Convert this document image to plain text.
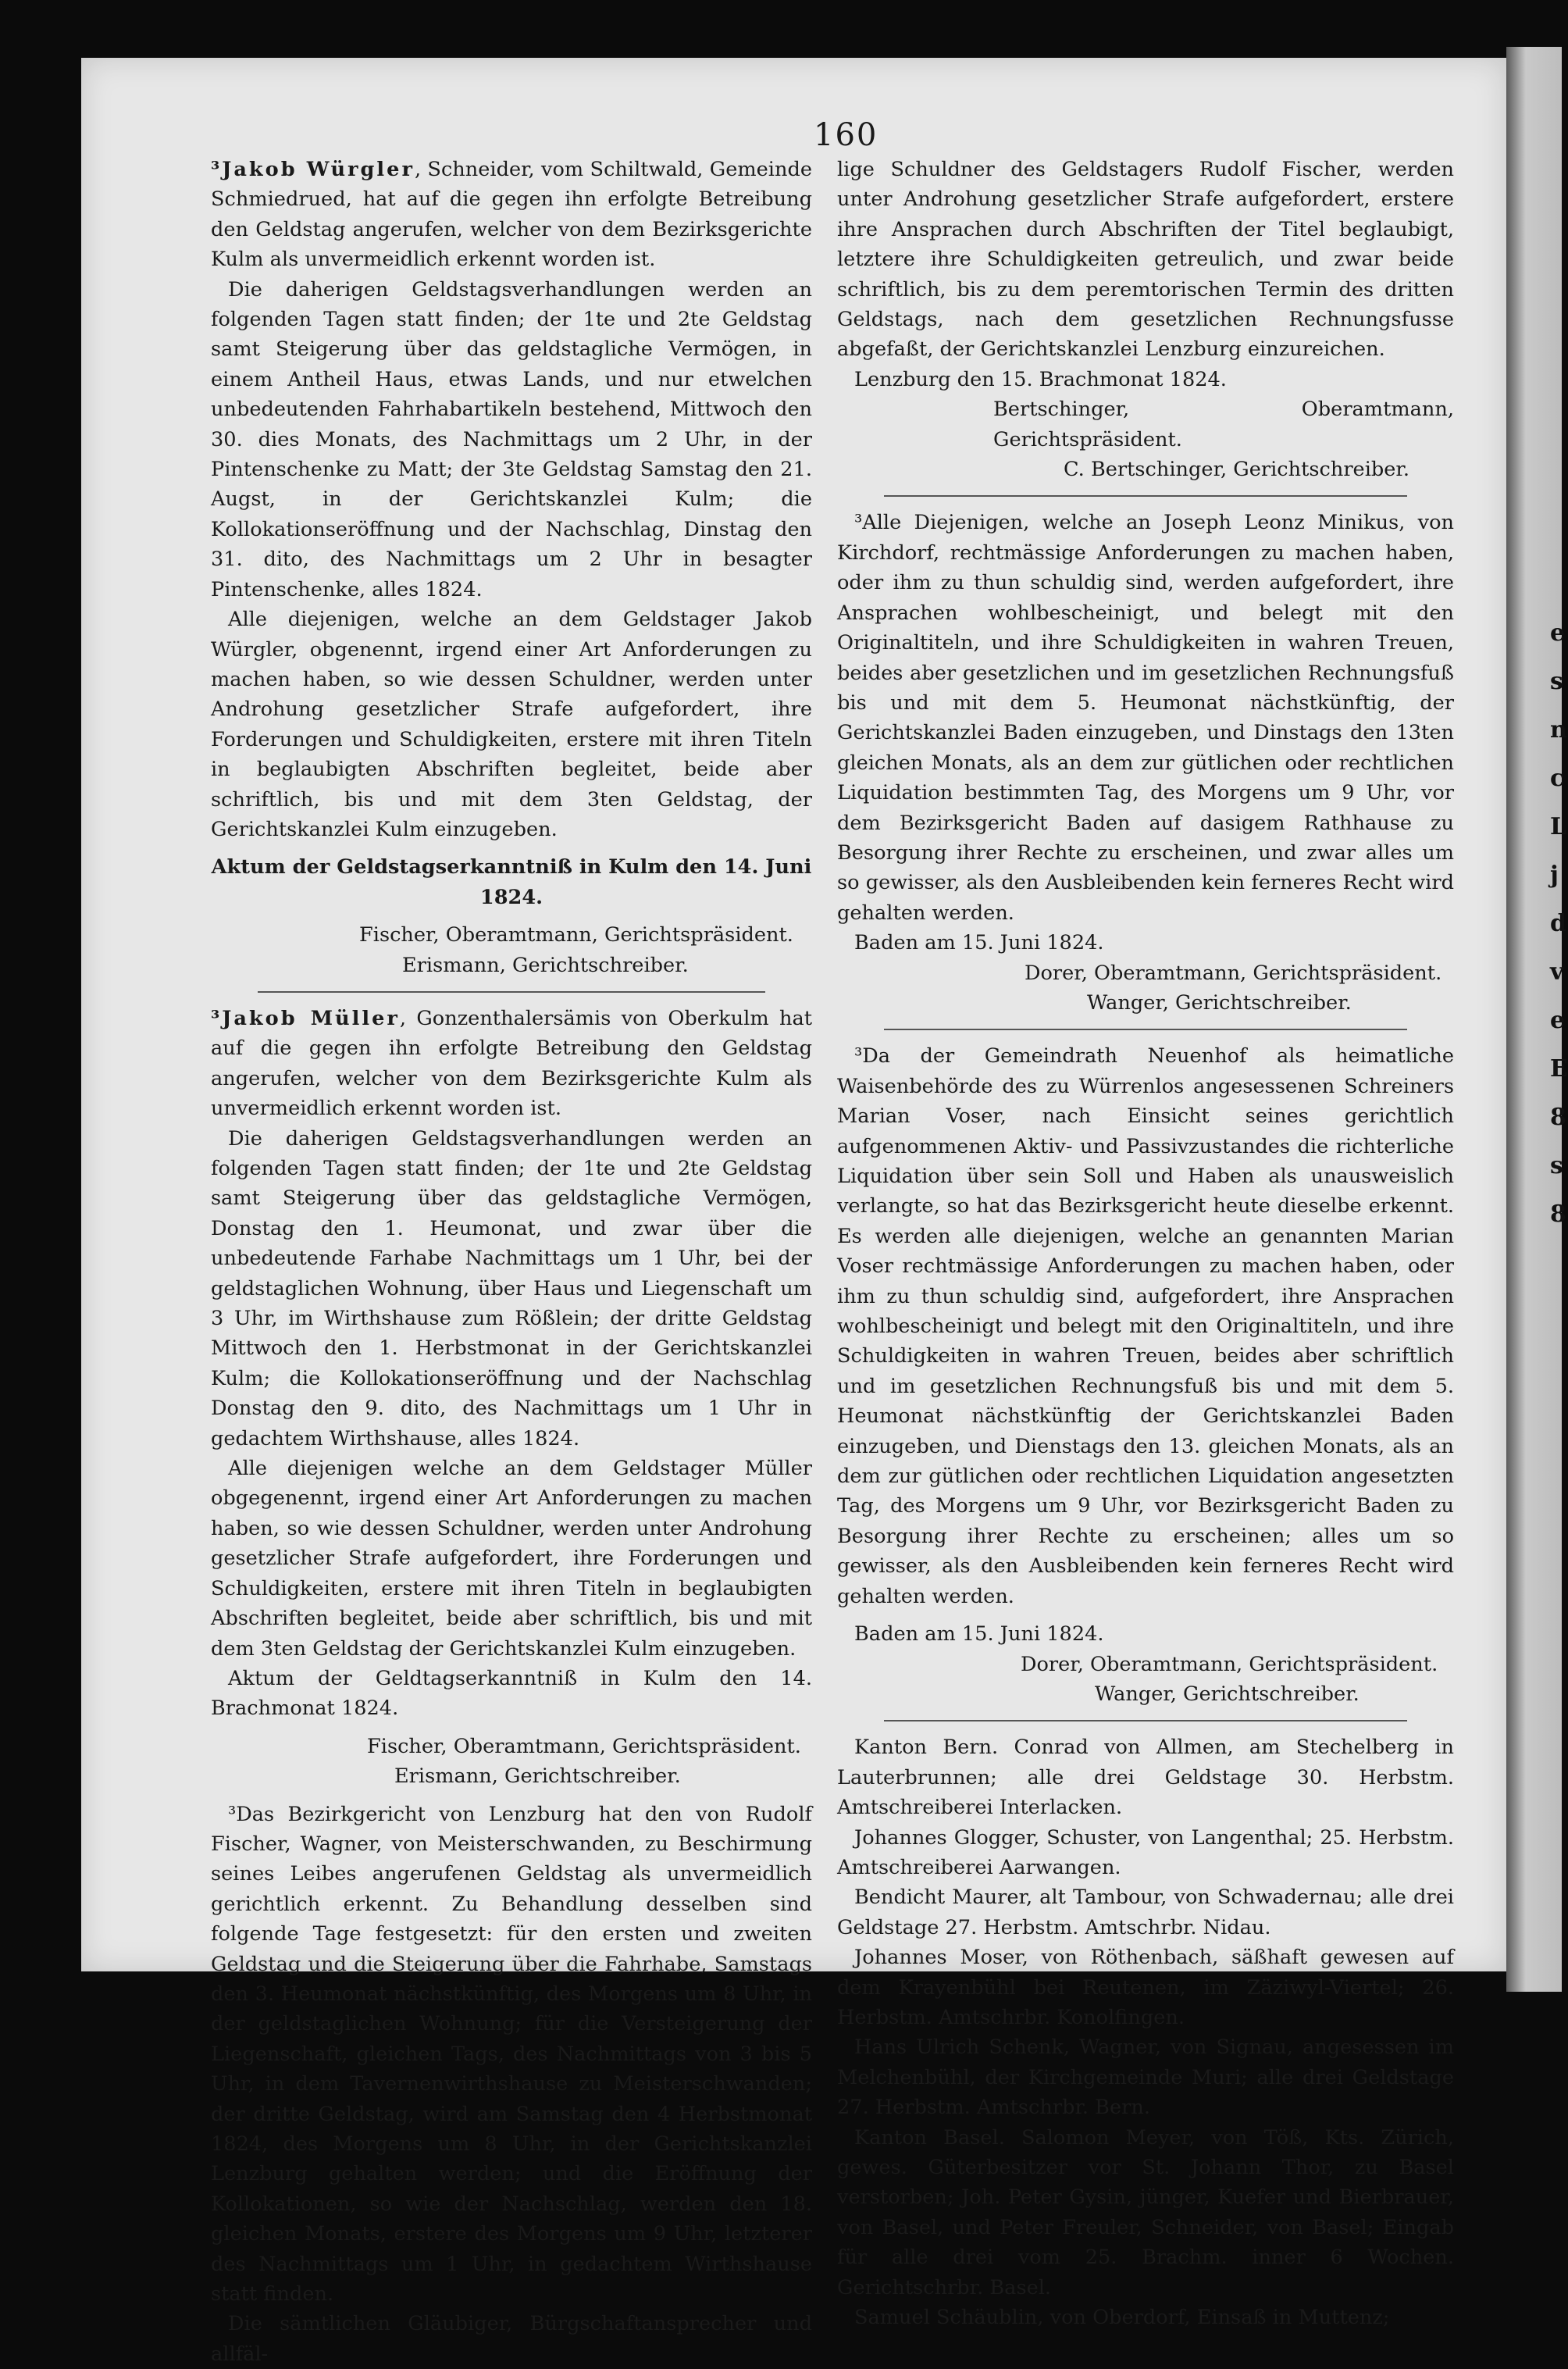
e
s
n
c
L
j
d
v
e
E
8
s
8
160

³Jakob Würgler, Schneider, vom Schiltwald, Gemeinde Schmiedrued, hat auf die gegen ihn erfolgte Betreibung den Geldstag angerufen, welcher von dem Bezirksgerichte Kulm als unvermeidlich erkennt worden ist.

Die daherigen Geldstagsverhandlungen werden an folgenden Tagen statt finden; der 1te und 2te Geldstag samt Steigerung über das geldstagliche Vermögen, in einem Antheil Haus, etwas Lands, und nur etwelchen unbedeutenden Fahrhabartikeln bestehend, Mittwoch den 30. dies Monats, des Nachmittags um 2 Uhr, in der Pintenschenke zu Matt; der 3te Geldstag Samstag den 21. Augst, in der Gerichtskanzlei Kulm; die Kollokationseröffnung und der Nachschlag, Dinstag den 31. dito, des Nachmittags um 2 Uhr in besagter Pintenschenke, alles 1824.

Alle diejenigen, welche an dem Geldstager Jakob Würgler, obgenennt, irgend einer Art Anforderungen zu machen haben, so wie dessen Schuldner, werden unter Androhung gesetzlicher Strafe aufgefordert, ihre Forderungen und Schuldigkeiten, erstere mit ihren Titeln in beglaubigten Abschriften begleitet, beide aber schriftlich, bis und mit dem 3ten Geldstag, der Gerichtskanzlei Kulm einzugeben.

Aktum der Geldstagserkanntniß in Kulm den 14. Juni 1824.

Fischer, Oberamtmann, Gerichtspräsident.

Erismann, Gerichtschreiber.

³Jakob Müller, Gonzenthalersämis von Oberkulm hat auf die gegen ihn erfolgte Betreibung den Geldstag angerufen, welcher von dem Bezirksgerichte Kulm als unvermeidlich erkennt worden ist.

Die daherigen Geldstagsverhandlungen werden an folgenden Tagen statt finden; der 1te und 2te Geldstag samt Steigerung über das geldstagliche Vermögen, Donstag den 1. Heumonat, und zwar über die unbedeutende Farhabe Nachmittags um 1 Uhr, bei der geldstaglichen Wohnung, über Haus und Liegenschaft um 3 Uhr, im Wirthshause zum Rößlein; der dritte Geldstag Mittwoch den 1. Herbstmonat in der Gerichtskanzlei Kulm; die Kollokationseröffnung und der Nachschlag Donstag den 9. dito, des Nachmittags um 1 Uhr in gedachtem Wirthshause, alles 1824.

Alle diejenigen welche an dem Geldstager Müller obgegenennt, irgend einer Art Anforderungen zu machen haben, so wie dessen Schuldner, werden unter Androhung gesetzlicher Strafe aufgefordert, ihre Forderungen und Schuldigkeiten, erstere mit ihren Titeln in beglaubigten Abschriften begleitet, beide aber schriftlich, bis und mit dem 3ten Geldstag der Gerichtskanzlei Kulm einzugeben.

Aktum der Geldtagserkanntniß in Kulm den 14. Brachmonat 1824.

Fischer, Oberamtmann, Gerichtspräsident.

Erismann, Gerichtschreiber.

³Das Bezirkgericht von Lenzburg hat den von Rudolf Fischer, Wagner, von Meisterschwanden, zu Beschirmung seines Leibes angerufenen Geldstag als unvermeidlich gerichtlich erkennt. Zu Behandlung desselben sind folgende Tage festgesetzt: für den ersten und zweiten Geldstag und die Steigerung über die Fahrhabe, Samstags den 3. Heumonat nächstkünftig, des Morgens um 8 Uhr, in der geldstaglichen Wohnung; für die Versteigerung der Liegenschaft, gleichen Tags, des Nachmittags von 3 bis 5 Uhr, in dem Tavernenwirthshause zu Meisterschwanden; der dritte Geldstag, wird am Samstag den 4 Herbstmonat 1824, des Morgens um 8 Uhr, in der Gerichtskanzlei Lenzburg gehalten werden; und die Eröffnung der Kollokationen, so wie der Nachschlag, werden den 18. gleichen Monats, erstere des Morgens um 9 Uhr, letzterer des Nachmittags um 1 Uhr, in gedachtem Wirthshause statt finden.

Die sämtlichen Gläubiger, Bürgschaftansprecher und allfäl-

lige Schuldner des Geldstagers Rudolf Fischer, werden unter Androhung gesetzlicher Strafe aufgefordert, erstere ihre Ansprachen durch Abschriften der Titel beglaubigt, letztere ihre Schuldigkeiten getreulich, und zwar beide schriftlich, bis zu dem peremtorischen Termin des dritten Geldstags, nach dem gesetzlichen Rechnungsfusse abgefaßt, der Gerichtskanzlei Lenzburg einzureichen.

Lenzburg den 15. Brachmonat 1824.

Bertschinger, Oberamtmann, Gerichtspräsident.

C. Bertschinger, Gerichtschreiber.

³Alle Diejenigen, welche an Joseph Leonz Minikus, von Kirchdorf, rechtmässige Anforderungen zu machen haben, oder ihm zu thun schuldig sind, werden aufgefordert, ihre Ansprachen wohlbescheinigt, und belegt mit den Originaltiteln, und ihre Schuldigkeiten in wahren Treuen, beides aber gesetzlichen und im gesetzlichen Rechnungsfuß bis und mit dem 5. Heumonat nächstkünftig, der Gerichtskanzlei Baden einzugeben, und Dinstags den 13ten gleichen Monats, als an dem zur gütlichen oder rechtlichen Liquidation bestimmten Tag, des Morgens um 9 Uhr, vor dem Bezirksgericht Baden auf dasigem Rathhause zu Besorgung ihrer Rechte zu erscheinen, und zwar alles um so gewisser, als den Ausbleibenden kein ferneres Recht wird gehalten werden.

Baden am 15. Juni 1824.

Dorer, Oberamtmann, Gerichtspräsident.

Wanger, Gerichtschreiber.

³Da der Gemeindrath Neuenhof als heimatliche Waisenbehörde des zu Würrenlos angesessenen Schreiners Marian Voser, nach Einsicht seines gerichtlich aufgenommenen Aktiv- und Passivzustandes die richterliche Liquidation über sein Soll und Haben als unausweislich verlangte, so hat das Bezirksgericht heute dieselbe erkennt. Es werden alle diejenigen, welche an genannten Marian Voser rechtmässige Anforderungen zu machen haben, oder ihm zu thun schuldig sind, aufgefordert, ihre Ansprachen wohlbescheinigt und belegt mit den Originaltiteln, und ihre Schuldigkeiten in wahren Treuen, beides aber schriftlich und im gesetzlichen Rechnungsfuß bis und mit dem 5. Heumonat nächstkünftig der Gerichtskanzlei Baden einzugeben, und Dienstags den 13. gleichen Monats, als an dem zur gütlichen oder rechtlichen Liquidation angesetzten Tag, des Morgens um 9 Uhr, vor Bezirksgericht Baden zu Besorgung ihrer Rechte zu erscheinen; alles um so gewisser, als den Ausbleibenden kein ferneres Recht wird gehalten werden.

Baden am 15. Juni 1824.

Dorer, Oberamtmann, Gerichtspräsident.

Wanger, Gerichtschreiber.

Kanton Bern. Conrad von Allmen, am Stechelberg in Lauterbrunnen; alle drei Geldstage 30. Herbstm. Amtschreiberei Interlacken.

Johannes Glogger, Schuster, von Langenthal; 25. Herbstm. Amtschreiberei Aarwangen.

Bendicht Maurer, alt Tambour, von Schwadernau; alle drei Geldstage 27. Herbstm. Amtschrbr. Nidau.

Johannes Moser, von Röthenbach, säßhaft gewesen auf dem Krayenbühl bei Reutenen, im Zäziwyl-Viertel; 26. Herbstm. Amtschrbr. Konolfingen.

Hans Ulrich Schenk, Wagner, von Signau, angesessen im Melchenbühl, der Kirchgemeinde Muri; alle drei Geldstage 27. Herbstm. Amtschrbr. Bern.

Kanton Basel. Salomon Meyer, von Töß, Kts. Zürich, gewes. Güterbesitzer vor St. Johann Thor, zu Basel verstorben; Joh. Peter Gysin, jünger, Kuefer und Bierbrauer, von Basel, und Peter Freuler, Schneider, von Basel; Eingab für alle drei vom 25. Brachm. inner 6 Wochen. Gerichtschrbr. Basel.

Samuel Schäublin, von Oberdorf, Einsaß in Muttenz;
